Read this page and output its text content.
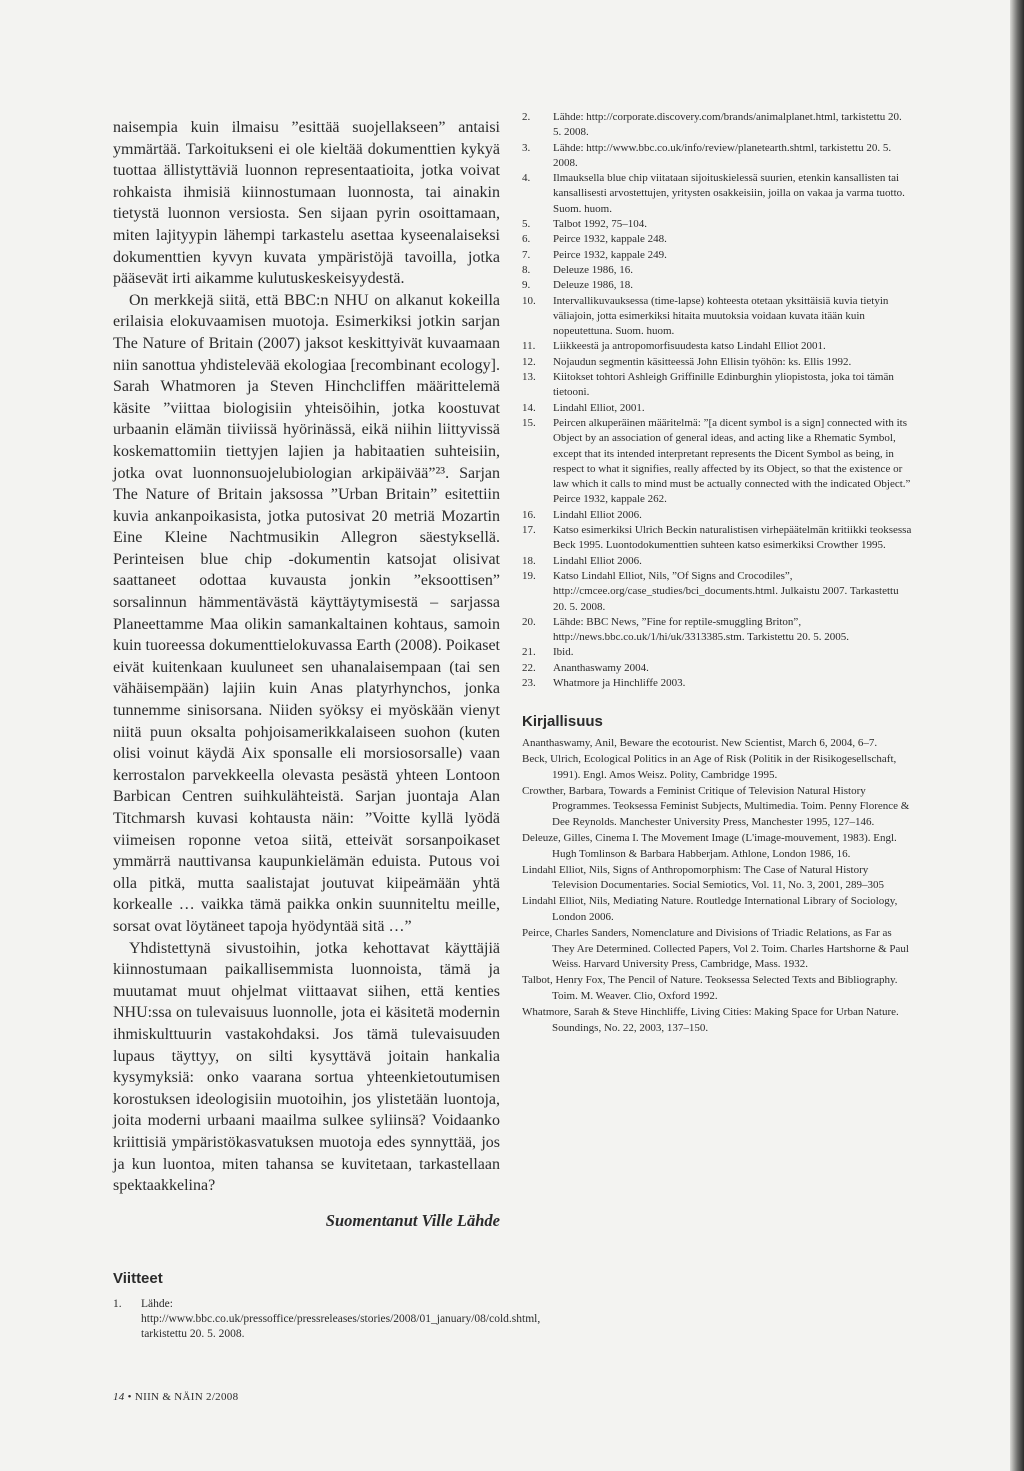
naisempia kuin ilmaisu ”esittää suojellakseen” antaisi ymmärtää. Tarkoitukseni ei ole kieltää dokumenttien kykyä tuottaa ällistyttäviä luonnon representaatioita, jotka voivat rohkaista ihmisiä kiinnostumaan luonnosta, tai ainakin tietystä luonnon versiosta. Sen sijaan pyrin osoittamaan, miten lajityypin lähempi tarkastelu asettaa kyseenalaiseksi dokumenttien kyvyn kuvata ympäristöjä tavoilla, jotka pääsevät irti aikamme kulutuskeskeisyydestä.

On merkkejä siitä, että BBC:n NHU on alkanut kokeilla erilaisia elokuvaamisen muotoja. Esimerkiksi jotkin sarjan The Nature of Britain (2007) jaksot keskittyivät kuvaamaan niin sanottua yhdistelevää ekologiaa [recombinant ecology]. Sarah Whatmoren ja Steven Hinchcliffen määrittelemä käsite ”viittaa biologisiin yhteisöihin, jotka koostuvat urbaanin elämän tiiviissä hyörinässä, eikä niihin liittyvissä koskemattomiin tiettyjen lajien ja habitaatien suhteisiin, jotka ovat luonnonsuojelubiologian arkipäivää”²³. Sarjan The Nature of Britain jaksossa ”Urban Britain” esitettiin kuvia ankanpoikasista, jotka putosivat 20 metriä Mozartin Eine Kleine Nachtmusikin Allegron säestyksellä. Perinteisen blue chip -dokumentin katsojat olisivat saattaneet odottaa kuvausta jonkin ”eksoottisen” sorsalinnun hämmentävästä käyttäytymisestä – sarjassa Planeettamme Maa olikin samankaltainen kohtaus, samoin kuin tuoreessa dokumenttielokuvassa Earth (2008). Poikaset eivät kuitenkaan kuuluneet sen uhanalaisempaan (tai sen vähäisempään) lajiin kuin Anas platyrhynchos, jonka tunnemme sinisorsana. Niiden syöksy ei myöskään vienyt niitä puun oksalta pohjoisamerikkalaiseen suohon (kuten olisi voinut käydä Aix sponsalle eli morsiosorsalle) vaan kerrostalon parvekkeella olevasta pesästä yhteen Lontoon Barbican Centren suihkulähteistä. Sarjan juontaja Alan Titchmarsh kuvasi kohtausta näin: ”Voitte kyllä lyödä viimeisen roponne vetoa siitä, etteivät sorsanpoikaset ymmärrä nauttivansa kaupunkielämän eduista. Putous voi olla pitkä, mutta saalistajat joutuvat kiipeämään yhtä korkealle … vaikka tämä paikka onkin suunniteltu meille, sorsat ovat löytäneet tapoja hyödyntää sitä …”

Yhdistettynä sivustoihin, jotka kehottavat käyttäjiä kiinnostumaan paikallisemmista luonnoista, tämä ja muutamat muut ohjelmat viittaavat siihen, että kenties NHU:ssa on tulevaisuus luonnolle, jota ei käsitetä modernin ihmiskulttuurin vastakohdaksi. Jos tämä tulevaisuuden lupaus täyttyy, on silti kysyttävä joitain hankalia kysymyksiä: onko vaarana sortua yhteenkietoutumisen korostuksen ideologisiin muotoihin, jos ylistetään luontoja, joita moderni urbaani maailma sulkee syliinsä? Voidaanko kriittisiä ympäristökasvatuksen muotoja edes synnyttää, jos ja kun luontoa, miten tahansa se kuvitetaan, tarkastellaan spektaakkelina?

Suomentanut Ville Lähde
Viitteet
1.	Lähde: http://www.bbc.co.uk/pressoffice/pressreleases/stories/2008/01_january/08/cold.shtml, tarkistettu 20. 5. 2008.
2.	Lähde: http://corporate.discovery.com/brands/animalplanet.html, tarkistettu 20. 5. 2008.
3.	Lähde: http://www.bbc.co.uk/info/review/planetearth.shtml, tarkistettu 20. 5. 2008.
4.	Ilmauksella blue chip viitataan sijoituskielessä suurien, etenkin kansallisten tai kansallisesti arvostettujen, yritysten osakkeisiin, joilla on vakaa ja varma tuotto. Suom. huom.
5.	Talbot 1992, 75–104.
6.	Peirce 1932, kappale 248.
7.	Peirce 1932, kappale 249.
8.	Deleuze 1986, 16.
9.	Deleuze 1986, 18.
10.	Intervallikuvauksessa (time-lapse) kohteesta otetaan yksittäisiä kuvia tietyin väliajoin, jotta esimerkiksi hitaita muutoksia voidaan kuvata itään kuin nopeutettuna. Suom. huom.
11.	Liikkeestä ja antropomorfisuudesta katso Lindahl Elliot 2001.
12.	Nojaudun segmentin käsitteessä John Ellisin työhön: ks. Ellis 1992.
13.	Kiitokset tohtori Ashleigh Griffinille Edinburghin yliopistosta, joka toi tämän tietooni.
14.	Lindahl Elliot, 2001.
15.	Peircen alkuperäinen määritelmä: ”[a dicent symbol is a sign] connected with its Object by an association of general ideas, and acting like a Rhematic Symbol, except that its intended interpretant represents the Dicent Symbol as being, in respect to what it signifies, really affected by its Object, so that the existence or law which it calls to mind must be actually connected with the indicated Object.” Peirce 1932, kappale 262.
16.	Lindahl Elliot 2006.
17.	Katso esimerkiksi Ulrich Beckin naturalistisen virhepäätelmän kritiikki teoksessa Beck 1995. Luontodokumenttien suhteen katso esimerkiksi Crowther 1995.
18.	Lindahl Elliot 2006.
19.	Katso Lindahl Elliot, Nils, ”Of Signs and Crocodiles”, http://cmcee.org/case_studies/bci_documents.html. Julkaistu 2007. Tarkastettu 20. 5. 2008.
20.	Lähde: BBC News, ”Fine for reptile-smuggling Briton”, http://news.bbc.co.uk/1/hi/uk/3313385.stm. Tarkistettu 20. 5. 2005.
21.	Ibid.
22.	Ananthaswamy 2004.
23.	Whatmore ja Hinchliffe 2003.
Kirjallisuus

Ananthaswamy, Anil, Beware the ecotourist. New Scientist, March 6, 2004, 6–7.

Beck, Ulrich, Ecological Politics in an Age of Risk (Politik in der Risikogesellschaft, 1991). Engl. Amos Weisz. Polity, Cambridge 1995.

Crowther, Barbara, Towards a Feminist Critique of Television Natural History Programmes. Teoksessa Feminist Subjects, Multimedia. Toim. Penny Florence & Dee Reynolds. Manchester University Press, Manchester 1995, 127–146.

Deleuze, Gilles, Cinema I. The Movement Image (L'image-mouvement, 1983). Engl. Hugh Tomlinson & Barbara Habberjam. Athlone, London 1986, 16.

Lindahl Elliot, Nils, Signs of Anthropomorphism: The Case of Natural History Television Documentaries. Social Semiotics, Vol. 11, No. 3, 2001, 289–305

Lindahl Elliot, Nils, Mediating Nature. Routledge International Library of Sociology, London 2006.

Peirce, Charles Sanders, Nomenclature and Divisions of Triadic Relations, as Far as They Are Determined. Collected Papers, Vol 2. Toim. Charles Hartshorne & Paul Weiss. Harvard University Press, Cambridge, Mass. 1932.

Talbot, Henry Fox, The Pencil of Nature. Teoksessa Selected Texts and Bibliography. Toim. M. Weaver. Clio, Oxford 1992.

Whatmore, Sarah & Steve Hinchliffe, Living Cities: Making Space for Urban Nature. Soundings, No. 22, 2003, 137–150.

14 • NIIN & NÄIN 2/2008
